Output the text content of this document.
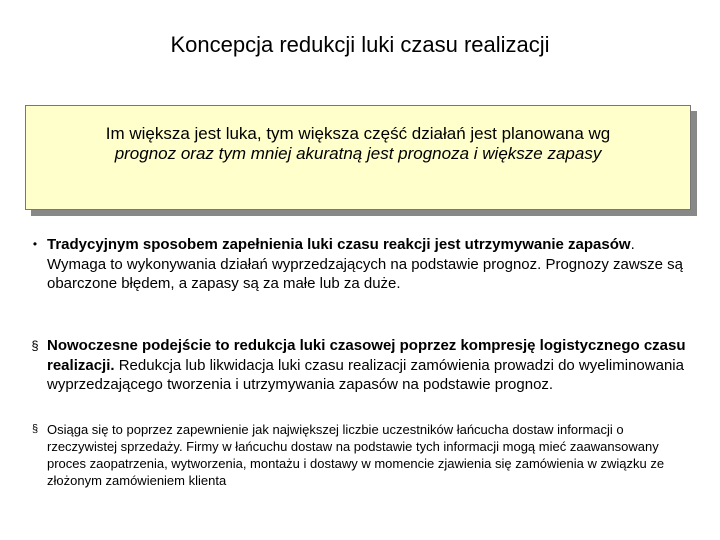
Koncepcja redukcji luki czasu realizacji
Im większa jest luka, tym większa część działań jest planowana wg
prognoz oraz tym mniej akuratną jest prognoza i większe zapasy
• Tradycyjnym sposobem zapełnienia luki czasu reakcji jest utrzymywanie zapasów. Wymaga to wykonywania działań wyprzedzających na podstawie prognoz. Prognozy zawsze są obarczone błędem, a zapasy są za małe lub za duże.
§ Nowoczesne podejście to redukcja luki czasowej poprzez kompresję logistycznego czasu realizacji. Redukcja lub likwidacja luki czasu realizacji zamówienia prowadzi do wyeliminowania wyprzedzającego tworzenia i utrzymywania zapasów na podstawie prognoz.
§ Osiąga się to poprzez zapewnienie jak największej liczbie uczestników łańcucha dostaw informacji o rzeczywistej sprzedaży. Firmy w łańcuchu dostaw na podstawie tych informacji mogą mieć zaawansowany proces zaopatrzenia, wytworzenia, montażu i dostawy w momencie zjawienia się zamówienia w związku ze złożonym zamówieniem klienta
